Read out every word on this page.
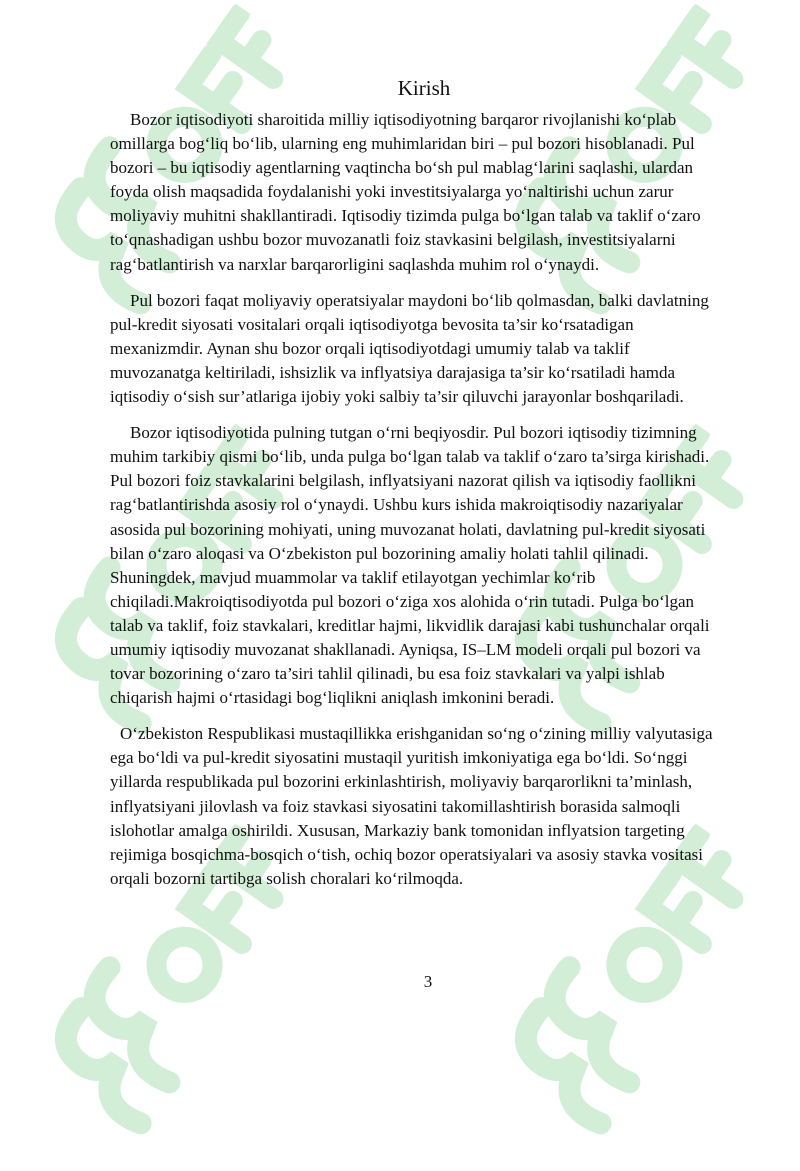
Kirish

Bozor iqtisodiyoti sharoitida milliy iqtisodiyotning barqaror rivojlanishi ko‘plab omillarga bog‘liq bo‘lib, ularning eng muhimlaridan biri – pul bozori hisoblanadi. Pul bozori – bu iqtisodiy agentlarning vaqtincha bo‘sh pul mablag‘larini saqlashi, ulardan foyda olish maqsadida foydalanishi yoki investitsiyalarga yo‘naltirishi uchun zarur moliyaviy muhitni shakllantiradi. Iqtisodiy tizimda pulga bo‘lgan talab va taklif o‘zaro to‘qnashadigan ushbu bozor muvozanatli foiz stavkasini belgilash, investitsiyalarni rag‘batlantirish va narxlar barqarorligini saqlashda muhim rol o‘ynaydi.

Pul bozori faqat moliyaviy operatsiyalar maydoni bo‘lib qolmasdan, balki davlatning pul-kredit siyosati vositalari orqali iqtisodiyotga bevosita ta’sir ko‘rsatadigan mexanizmdir. Aynan shu bozor orqali iqtisodiyotdagi umumiy talab va taklif muvozanatga keltiriladi, ishsizlik va inflyatsiya darajasiga ta’sir ko‘rsatiladi hamda iqtisodiy o‘sish sur’atlariga ijobiy yoki salbiy ta’sir qiluvchi jarayonlar boshqariladi.

Bozor iqtisodiyotida pulning tutgan o‘rni beqiyosdir. Pul bozori iqtisodiy tizimning muhim tarkibiy qismi bo‘lib, unda pulga bo‘lgan talab va taklif o‘zaro ta’sirga kirishadi. Pul bozori foiz stavkalarini belgilash, inflyatsiyani nazorat qilish va iqtisodiy faollikni rag‘batlantirishda asosiy rol o‘ynaydi. Ushbu kurs ishida makroiqtisodiy nazariyalar asosida pul bozorining mohiyati, uning muvozanat holati, davlatning pul-kredit siyosati bilan o‘zaro aloqasi va O‘zbekiston pul bozorining amaliy holati tahlil qilinadi. Shuningdek, mavjud muammolar va taklif etilayotgan yechimlar ko‘rib chiqiladi.Makroiqtisodiyotda pul bozori o‘ziga xos alohida o‘rin tutadi. Pulga bo‘lgan talab va taklif, foiz stavkalari, kreditlar hajmi, likvidlik darajasi kabi tushunchalar orqali umumiy iqtisodiy muvozanat shakllanadi. Ayniqsa, IS–LM modeli orqali pul bozori va tovar bozorining o‘zaro ta’siri tahlil qilinadi, bu esa foiz stavkalari va yalpi ishlab chiqarish hajmi o‘rtasidagi bog‘liqlikni aniqlash imkonini beradi.

O‘zbekiston Respublikasi mustaqillikka erishganidan so‘ng o‘zining milliy valyutasiga ega bo‘ldi va pul-kredit siyosatini mustaqil yuritish imkoniyatiga ega bo‘ldi. So‘nggi yillarda respublikada pul bozorini erkinlashtirish, moliyaviy barqarorlikni ta’minlash, inflyatsiyani jilovlash va foiz stavkasi siyosatini takomillashtirish borasida salmoqli islohotlar amalga oshirildi. Xususan, Markaziy bank tomonidan inflyatsion targeting rejimiga bosqichma-bosqich o‘tish, ochiq bozor operatsiyalari va asosiy stavka vositasi orqali bozorni tartibga solish choralari ko‘rilmoqda.

3
